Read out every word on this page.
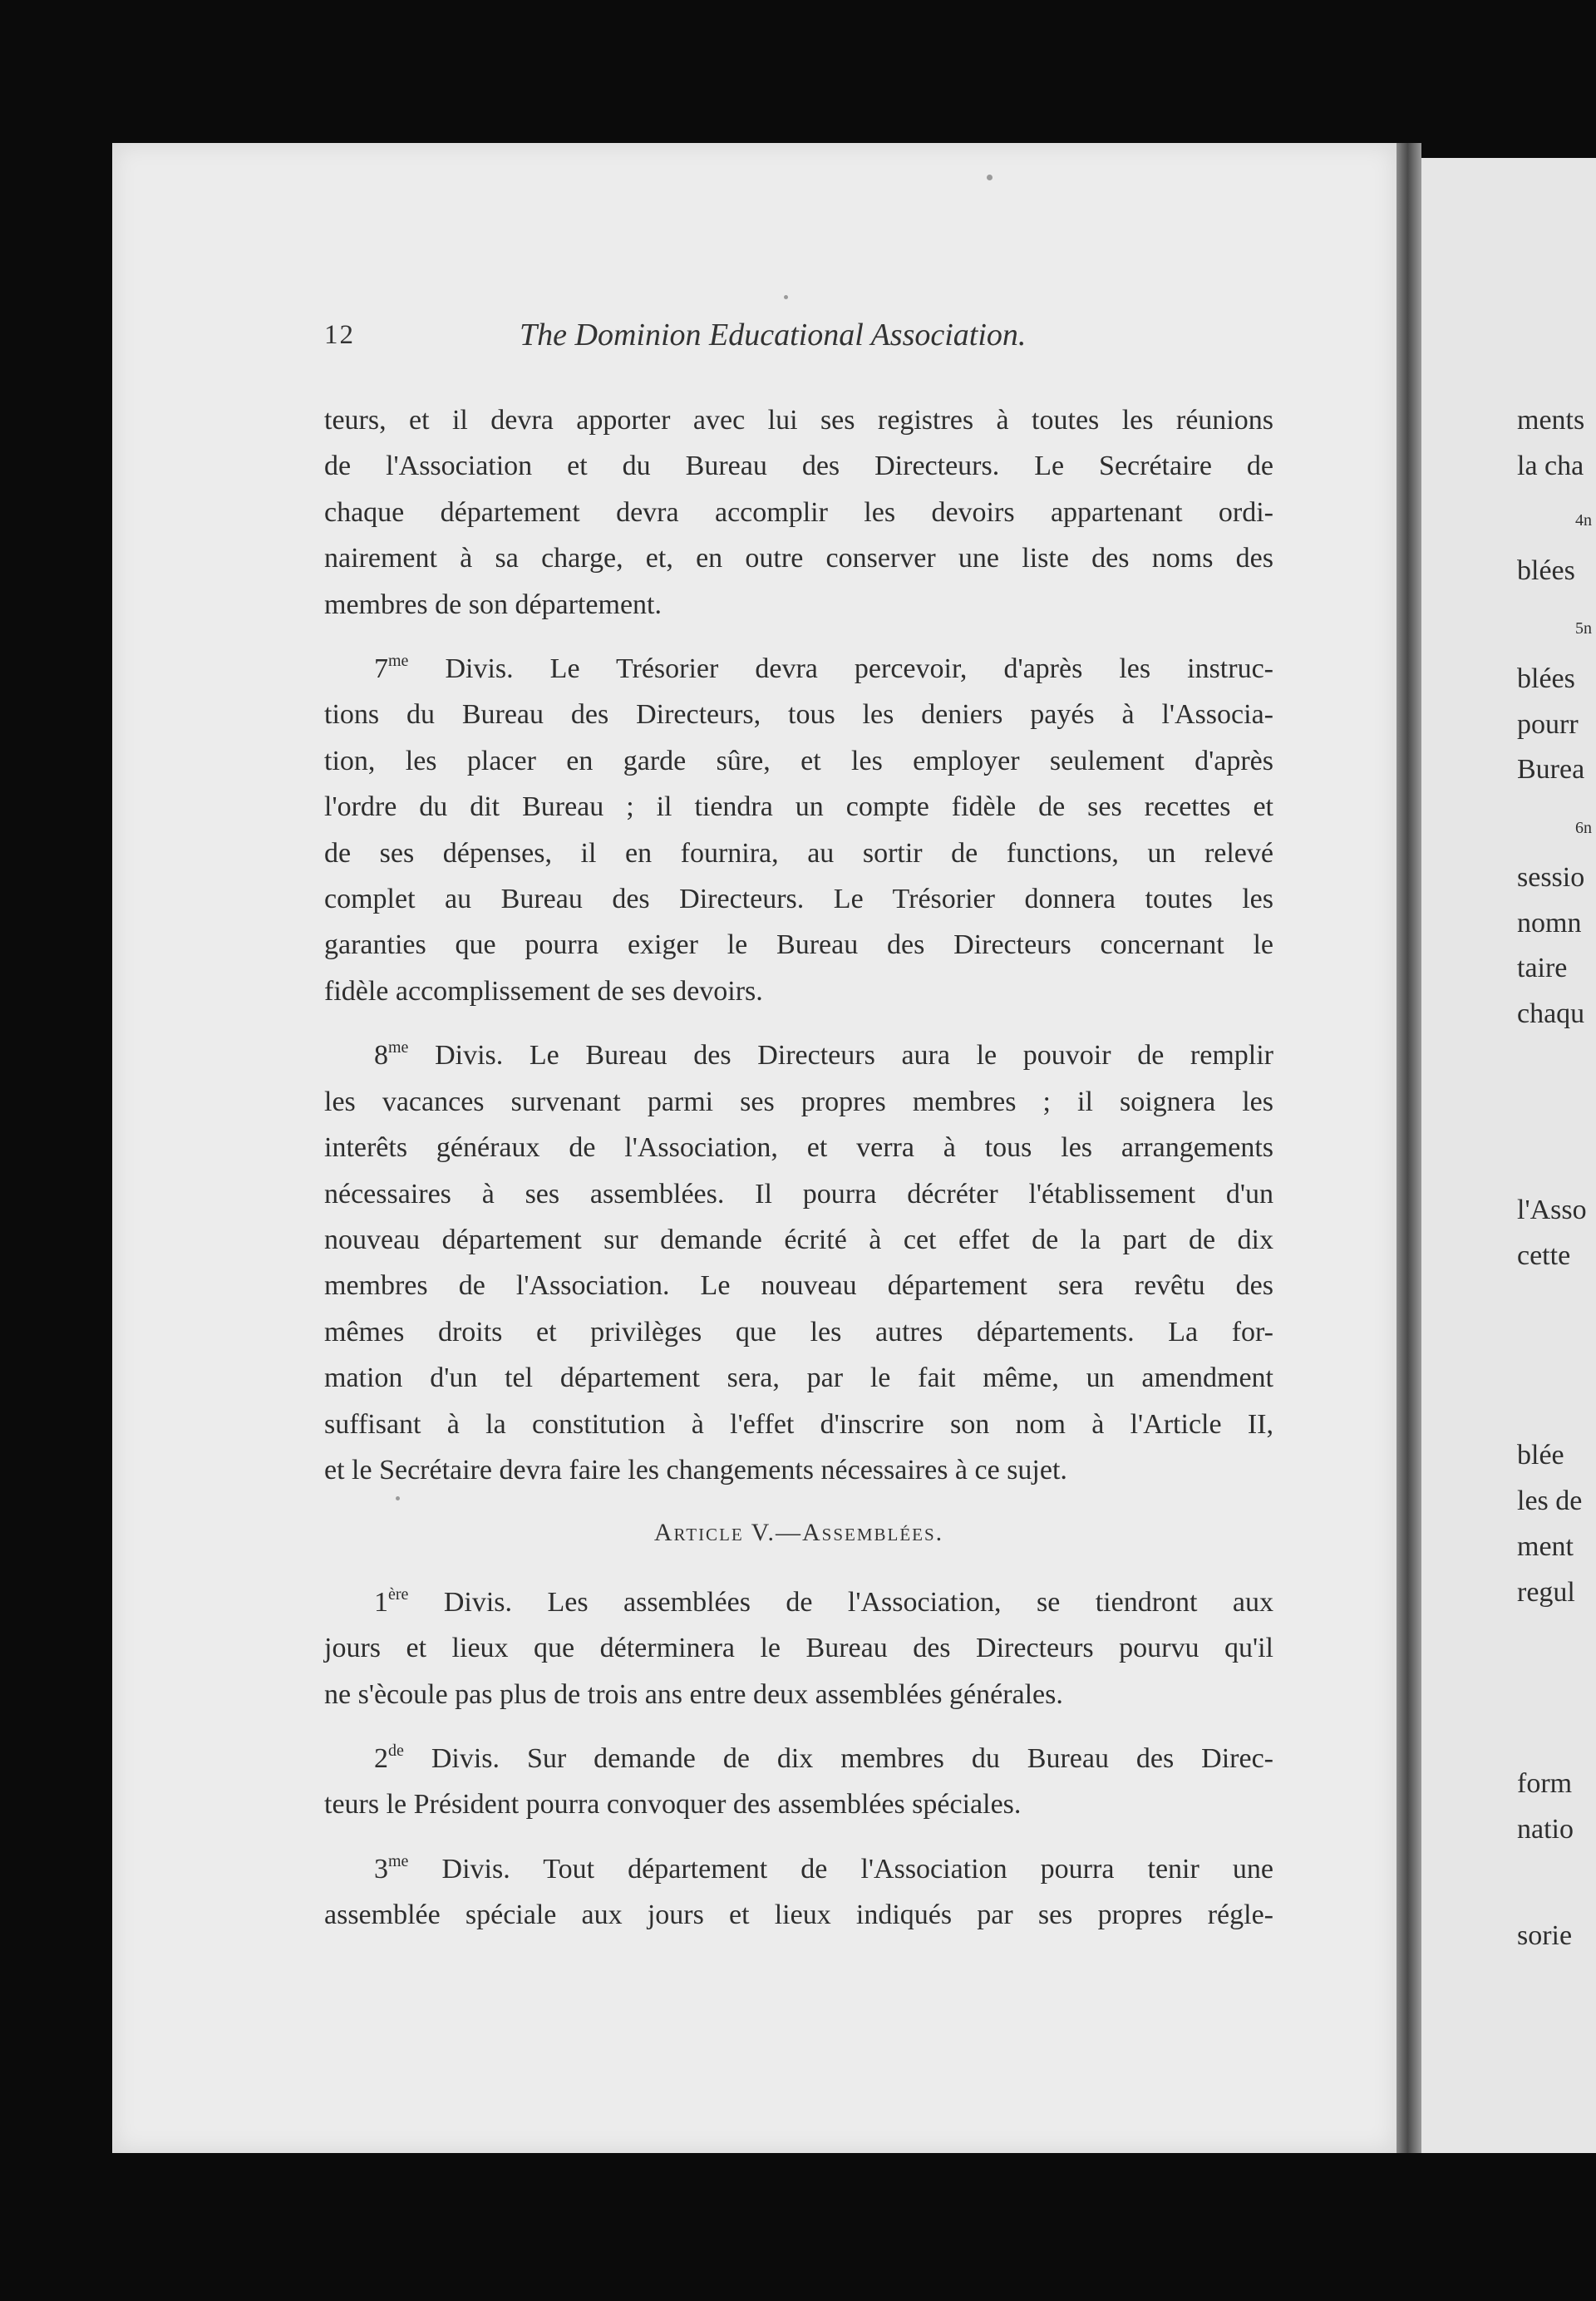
12	The Dominion Educational Association.

teurs, et il devra apporter avec lui ses registres à toutes les réunions

de l'Association et du Bureau des Directeurs. Le Secrétaire de

chaque département devra accomplir les devoirs appartenant ordi-

nairement à sa charge, et, en outre conserver une liste des noms des

membres de son département.

$7^{me}$ Divis. Le Trésorier devra percevoir, d'après les instruc-

tions du Bureau des Directeurs, tous les deniers payés à l'Associa-

tion, les placer en garde sûre, et les employer seulement d'après

l'ordre du dit Bureau ; il tiendra un compte fidèle de ses recettes et

de ses dépenses, il en fournira, au sortir de functions, un relevé

complet au Bureau des Directeurs. Le Trésorier donnera toutes les

garanties que pourra exiger le Bureau des Directeurs concernant le

fidèle accomplissement de ses devoirs.

$8^{me}$ Divis. Le Bureau des Directeurs aura le pouvoir de remplir

les vacances survenant parmi ses propres membres ; il soignera les

interêts généraux de l'Association, et verra à tous les arrangements

nécessaires à ses assemblées. Il pourra décréter l'établissement d'un

nouveau département sur demande écrité à cet effet de la part de dix

membres de l'Association. Le nouveau département sera revêtu des

mêmes droits et privilèges que les autres départements. La for-

mation d'un tel département sera, par le fait même, un amendment

suffisant à la constitution à l'effet d'inscrire son nom à l'Article II,

et le Secrétaire devra faire les changements nécessaires à ce sujet.

Article V.—Assemblées.

1ère Divis. Les assemblées de l'Association, se tiendront aux

jours et lieux que déterminera le Bureau des Directeurs pourvu qu'il

ne s'ècoule pas plus de trois ans entre deux assemblées générales.

2de Divis. Sur demande de dix membres du Bureau des Direc-

teurs le Président pourra convoquer des assemblées spéciales.

$3^{me}$ Divis. Tout département de l'Association pourra tenir une

assemblée spéciale aux jours et lieux indiqués par ses propres régle-

ments
la cha
4n
blées
5n
blées
pourr
Burea
6n
sessio
nomn
taire
chaqu
l'Asso
cette
blée
les de
ment
regul
form
natio
sorie
